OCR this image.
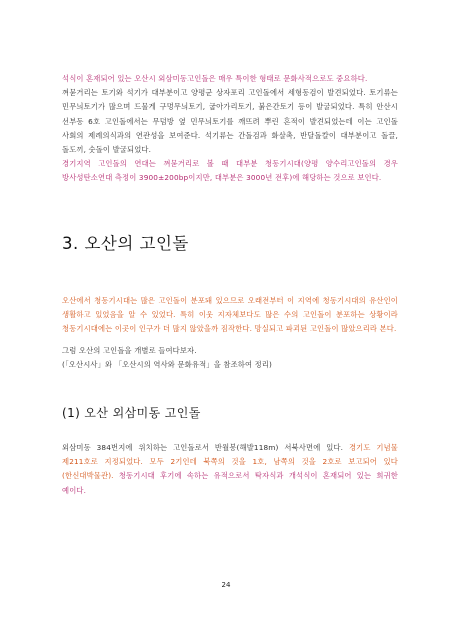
석식이 혼재되어 있는 오산시 외삼미동고인돌은 매우 특이한 형태로 문화사적으로도 중요하다.
껴묻거리는 토기와 석기가 대부분이고 양평군 상자포리 고인돌에서 세형동검이 발견되었다. 토기류는 민무늬토기가 많으며 드물게 구멍무늬토기, 굽아가리토기, 붉은간토기 등이 발굴되었다. 특히 안산시 선부동 6호 고인돌에서는 무덤방 옆 민무늬토기를 깨뜨려 뿌린 흔적이 발견되었는데 이는 고인돌 사회의 제례의식과의 연관성을 보여준다. 석기류는 간돌검과 화살촉, 반달돌칼이 대부분이고 돌끌, 돌도끼, 숫돌이 발굴되었다.
경기지역 고인돌의 연대는 껴묻거리로 볼 때 대부분 청동기시대(양평 양수리고인돌의 경우 방사성탄소연대 측정이 3900±200bp이지만, 대부분은 3000년 전후)에 해당하는 것으로 보인다.
3. 오산의 고인돌
오산에서 청동기시대는 많은 고인돌이 분포돼 있으므로 오래전부터 이 지역에 청동기시대의 유산인이 생활하고 있었음을 알 수 있었다. 특히 이웃 지자체보다도 많은 수의 고인돌이 분포하는 상황이라 청동기시대에는 이곳이 인구가 더 많지 않았을까 짐작한다. 망실되고 파괴된 고인돌이 많았으리라 본다.
그럼 오산의 고인돌을 개별로 들여다보자.
(「오산시사」와 「오산시의 역사와 문화유적」을 참조하여 정리)
(1) 오산 외삼미동 고인돌
외삼미동 384번지에 위치하는 고인돌로서 반월봉(해발118m) 서북사면에 있다. 경기도 기념물 제211호로 지정되었다. 모두 2기인데 북쪽의 것을 1호, 남쪽의 것을 2호로 보고되어 있다(한신대박물관). 청동기시대 후기에 속하는 유적으로서 탁자식과 개석식이 혼재되어 있는 희귀한 예이다.
24
